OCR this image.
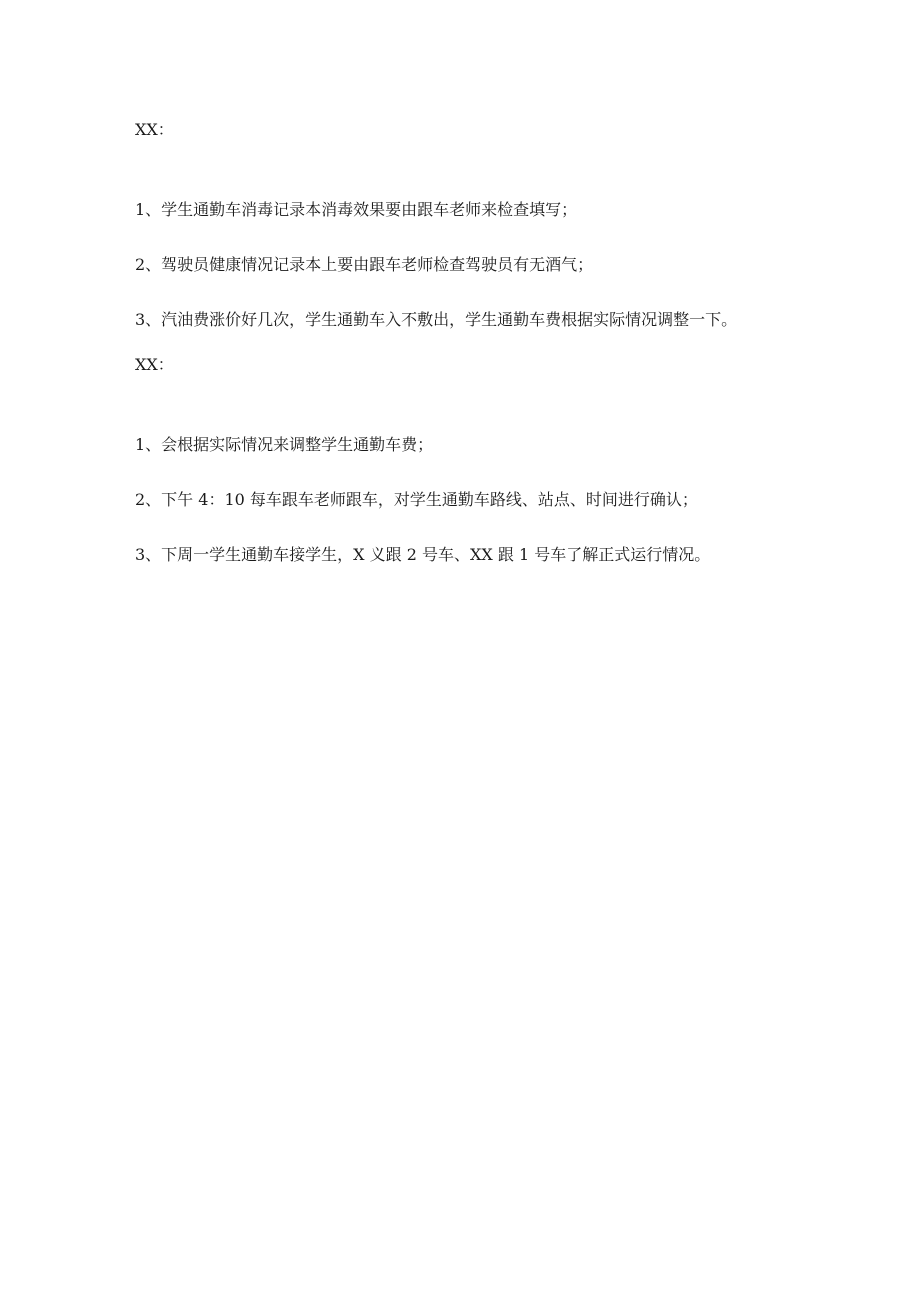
XX：

1、学生通勤车消毒记录本消毒效果要由跟车老师来检查填写；

2、驾驶员健康情况记录本上要由跟车老师检查驾驶员有无酒气；

3、汽油费涨价好几次，学生通勤车入不敷出，学生通勤车费根据实际情况调整一下。

XX：

1、会根据实际情况来调整学生通勤车费；

2、下午 4：10 每车跟车老师跟车，对学生通勤车路线、站点、时间进行确认；

3、下周一学生通勤车接学生，X 义跟 2 号车、XX 跟 1 号车了解正式运行情况。
